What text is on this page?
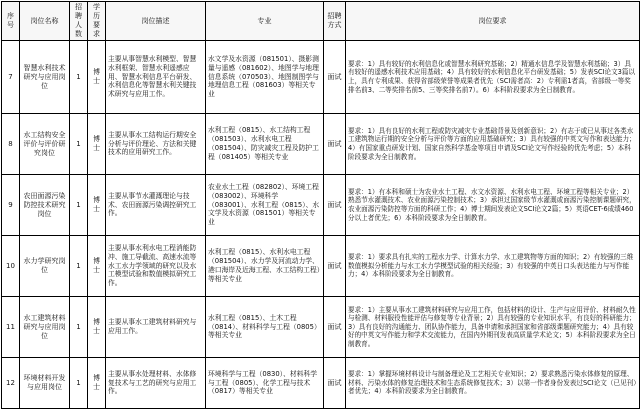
序号	岗位名称	招聘人数	学历要求	岗位描述	专业	招聘方式	岗位要求
7	智慧水利技术研究与应用岗位	1	博士	主要从事智慧水利模型、智慧水利框架、智慧水利遥感应用、智慧水利信息平台研发、水利信息化等智慧水利关键技术研究与应用工作。	水文学及水资源（081501）、摄影测量与遥感（081602）、地图学与地理信息系统（070503）、地图制图学与地理信息工程（081603）等相关专业	面试	要求：1）具有较好的水利信息化或智慧水利研究基础；2）精通水信息学及智慧水利基础；3）具有较好的遥感水利技术应用基础；4）具有较好的水利信息化平台研发基础；5）发表SCI论文3篇以上，具有专利成果、获得省部级荣誉等成果者优先（SCI需者高：2）专利需1者高，省部级一等奖排名前3、二等奖排名前5、三等奖排名前7）。6）本科阶段要求为全日制教育。
8	水工结构安全评价与评价研究岗位	1	博士	主要从事水工结构运行期安全分析与评价理论、方法和关键技术的应用研究工作。	水利工程（0815）、水工结构工程（081503）、水利水电工程（081504）、防灾减灾工程及防护工程（081405）等相关专业	面试	要求：1）具有良好的水利工程或防灾减灾专业基础背景及创新意识；2）有志于或已从事过各类水工建筑物运行期的安全分析与评价等方面的应用基础研究；3）具有较强的中英文写作和表达能力；4）有国家重点研发计划、国家自然科学基金等项目申请及SCI论文写作经验的优先考虑；5）本科阶段要求为全日制教育。
9	农田面源污染防控技术研究岗位	1	博士	主要从事节水灌溉理论与技术、农田面源污染调控研究工作。	农业水土工程（082802）、环境工程（083002）、环境科学（083001）、水利工程（0815）、水文学及水资源（081501）等相关专业	面试	要求：1）有本科和硕士为农业水土工程、水文水资源、水利水电工程、环境工程等相关专业；2）熟悉节水灌溉技术、农业面源污染控制技术；3）承担过国家级节水灌溉或面源污染控制课题研究，农业面源污染防控等方面的科研工作；4）博士期间发表论文SCI论文2篇；5）英语CET-6成绩460分以上者优先；6）本科阶段要求为全日制教育。
10	水力学研究岗位	1	博士	主要从事水利水电工程消能防冲、施工导截流、高速水流等水工水力学领域的研究以及水工模型试验和数值模拟研究工作。	水利工程（0815）、水利水电工程（081504）、水力学及河流动力学、港口海岸及近海工程、水工结构工程）等相关专业	面试	要求：1）要求具有扎实的工程水力学、计算水力学、水工建筑物等方面的知识；2）有较强的三维数值模拟分析能力与水工水力学模型试验的相关经验；3）有较强的中英日口头表达能力与写作能力；4）本科阶段要求为全日制教育。
11	水工建筑材料研究与应用岗位	1	博士	主要从事水工建筑材料研究与应用工作。	水利工程（0815）、土木工程（0814）、材料科学与工程（0805）等相关专业	面试	要求：1）主要从事水工建筑材料研究与应用工作，包括材料的设计、生产与应用评价、材料耐久性与检测、材料服役性能评估与修复等专业背景；2）具有较强的专业知识水平，有良好的科研能力；3）具有良好的沟通能力、团队协作能力，具备申请和承担国家和省部级课题研究能力；4）具有较好的中英文写作能力和学术交流能力，在国内外期刊发表高质量学术论文；5）本科阶段要求为全日制教育。
12	环境材料开发与应用岗位	1	博士	主要从事水处理材料、水体修复技术与工艺的研究与应用工作。	环境科学与工程（0830）、材料科学与工程（0805）、化学工程与技术（0817）等相关专业	面试	要求：1）掌握环境材料设计与制备理论及工艺相关专业知识；2）要求熟悉污染水体修复的原理、材料、污染水体的修复治理技术和生态系统修复技术；3）以第一作者身份发表过SCI论文（已见刊）者优先；4）本科阶段要求为全日制教育。
